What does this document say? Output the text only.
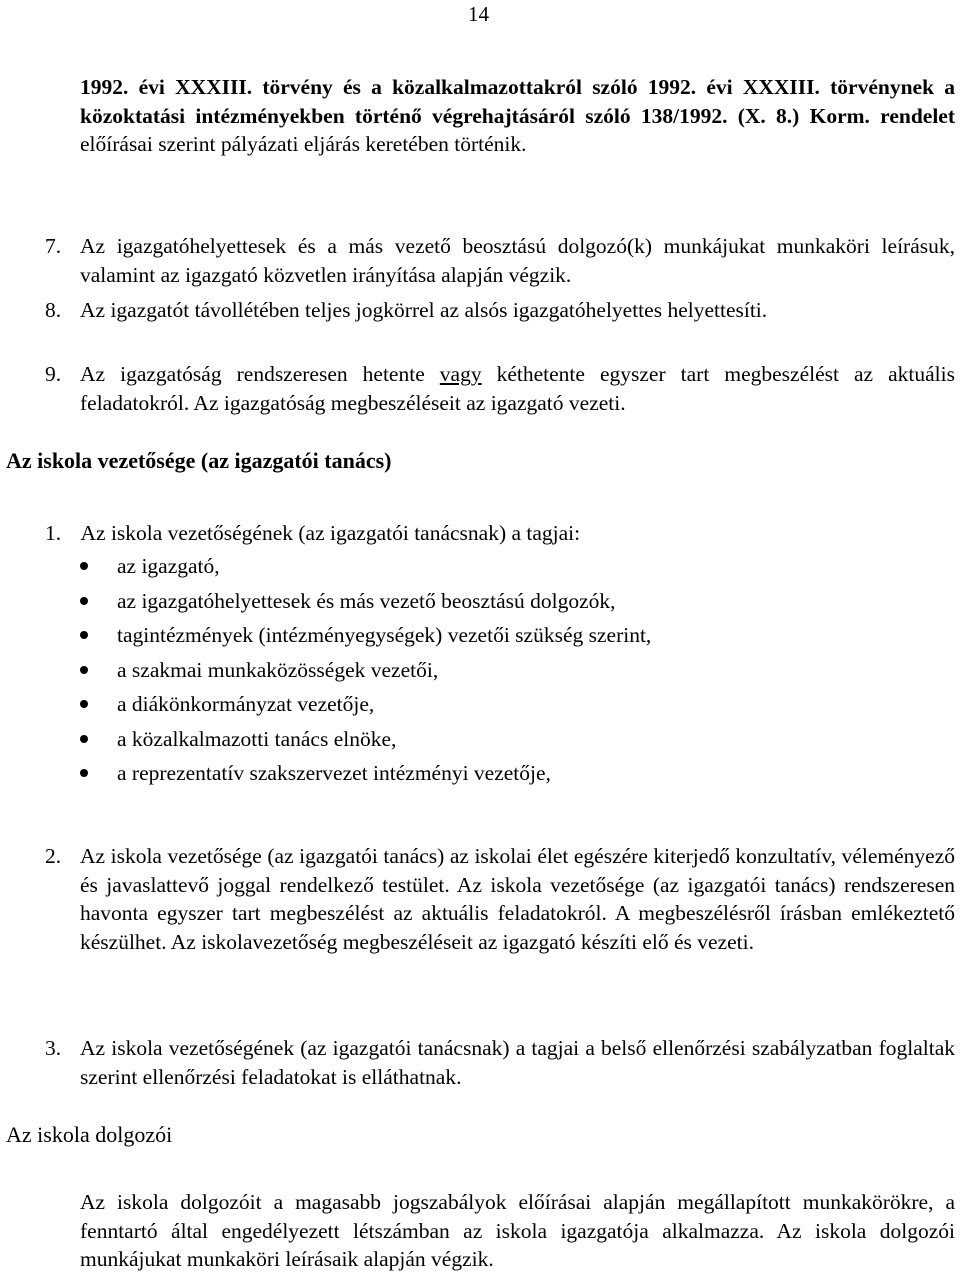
14
1992. évi XXXIII. törvény és a közalkalmazottakról szóló 1992. évi XXXIII. törvénynek a közoktatási intézményekben történő végrehajtásáról szóló 138/1992. (X. 8.) Korm. rendelet előírásai szerint pályázati eljárás keretében történik.
7. Az igazgatóhelyettesek és a más vezető beosztású dolgozó(k) munkájukat munkaköri leírásuk, valamint az igazgató közvetlen irányítása alapján végzik.
8. Az igazgatót távollétében teljes jogkörrel az alsós igazgatóhelyettes helyettesíti.
9. Az igazgatóság rendszeresen hetente vagy kéthetente egyszer tart megbeszélést az aktuális feladatokról. Az igazgatóság megbeszéléseit az igazgató vezeti.
Az iskola vezetősége (az igazgatói tanács)
1. Az iskola vezetőségének (az igazgatói tanácsnak) a tagjai:
az igazgató,
az igazgatóhelyettesek és más vezető beosztású dolgozók,
tagintézmények (intézményegységek) vezetői szükség szerint,
a szakmai munkaközösségek vezetői,
a diákönkormányzat vezetője,
a közalkalmazotti tanács elnöke,
a reprezentatív szakszervezet intézményi vezetője,
2. Az iskola vezetősége (az igazgatói tanács) az iskolai élet egészére kiterjedő konzultatív, véleményező és javaslattevő joggal rendelkező testület. Az iskola vezetősége (az igazgatói tanács) rendszeresen havonta egyszer tart megbeszélést az aktuális feladatokról. A megbeszélésről írásban emlékeztető készülhet. Az iskolavezetőség megbeszéléseit az igazgató készíti elő és vezeti.
3. Az iskola vezetőségének (az igazgatói tanácsnak) a tagjai a belső ellenőrzési szabályzatban foglaltak szerint ellenőrzési feladatokat is elláthatnak.
Az iskola dolgozói
Az iskola dolgozóit a magasabb jogszabályok előírásai alapján megállapított munkakörökre, a fenntartó által engedélyezett létszámban az iskola igazgatója alkalmazza. Az iskola dolgozói munkájukat munkaköri leírásaik alapján végzik.
